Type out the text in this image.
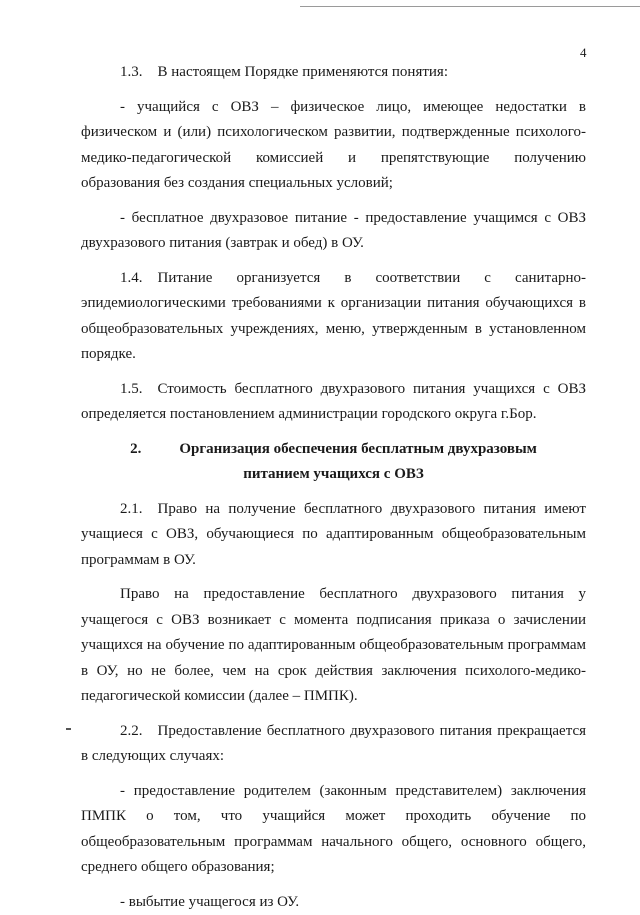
4

1.3. В настоящем Порядке применяются понятия:

- учащийся с ОВЗ – физическое лицо, имеющее недостатки в

физическом и (или) психологическом развитии, подтвержденные психолого-

медико-педагогической комиссией и препятствующие получению

образования без создания специальных условий;

- бесплатное двухразовое питание - предоставление учащимся с ОВЗ двухразового питания (завтрак и обед) в ОУ.

1.4. Питание организуется в соответствии с санитарно-эпидемиологическими требованиями к организации питания обучающихся в общеобразовательных учреждениях, меню, утвержденным в установленном порядке.

1.5. Стоимость бесплатного двухразового питания учащихся с ОВЗ определяется постановлением администрации городского округа г.Бор.

2.	Организация обеспечения бесплатным двухразовым

питанием учащихся с ОВЗ

2.1. Право на получение бесплатного двухразового питания имеют учащиеся с ОВЗ, обучающиеся по адаптированным общеобразовательным программам в ОУ.

Право на предоставление бесплатного двухразового питания у учащегося с ОВЗ возникает с момента подписания приказа о зачислении учащихся на обучение по адаптированным общеобразовательным программам в ОУ, но не более, чем на срок действия заключения психолого-медико-педагогической комиссии (далее – ПМПК).

2.2. Предоставление бесплатного двухразового питания прекращается в следующих случаях:

- предоставление родителем (законным представителем) заключения ПМПК о том, что учащийся может проходить обучение по общеобразовательным программам начального общего, основного общего, среднего общего образования;

- выбытие учащегося из ОУ.
